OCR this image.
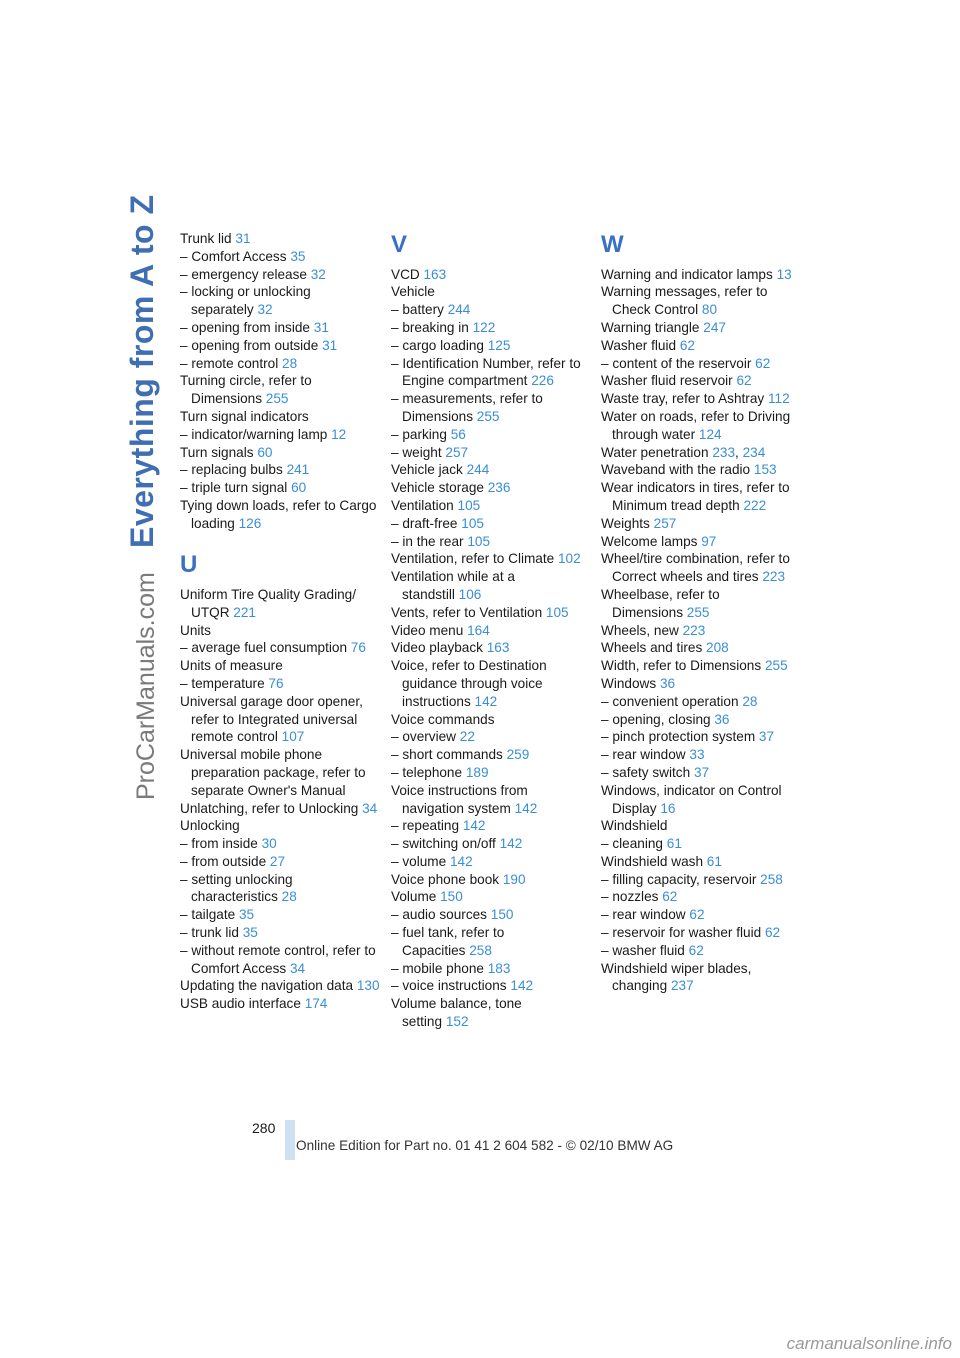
Everything from A to Z
ProCarManuals.com

Trunk lid 31

– Comfort Access 35

– emergency release 32

– locking or unlocking separately 32

– opening from inside 31

– opening from outside 31

– remote control 28

Turning circle, refer to Dimensions 255

Turn signal indicators

– indicator/warning lamp 12

Turn signals 60

– replacing bulbs 241

– triple turn signal 60

Tying down loads, refer to Cargo loading 126

U

Uniform Tire Quality Grading/ UTQR 221

Units

– average fuel consumption 76

Units of measure

– temperature 76

Universal garage door opener, refer to Integrated universal remote control 107

Universal mobile phone preparation package, refer to separate Owner's Manual

Unlatching, refer to Unlocking 34

Unlocking

– from inside 30

– from outside 27

– setting unlocking characteristics 28

– tailgate 35

– trunk lid 35

– without remote control, refer to Comfort Access 34

Updating the navigation data 130

USB audio interface 174

V

VCD 163

Vehicle

– battery 244

– breaking in 122

– cargo loading 125

– Identification Number, refer to Engine compartment 226

– measurements, refer to Dimensions 255

– parking 56

– weight 257

Vehicle jack 244

Vehicle storage 236

Ventilation 105

– draft-free 105

– in the rear 105

Ventilation, refer to Climate 102

Ventilation while at a standstill 106

Vents, refer to Ventilation 105

Video menu 164

Video playback 163

Voice, refer to Destination guidance through voice instructions 142

Voice commands

– overview 22

– short commands 259

– telephone 189

Voice instructions from navigation system 142

– repeating 142

– switching on/off 142

– volume 142

Voice phone book 190

Volume 150

– audio sources 150

– fuel tank, refer to Capacities 258

– mobile phone 183

– voice instructions 142

Volume balance, tone setting 152

W

Warning and indicator lamps 13

Warning messages, refer to Check Control 80

Warning triangle 247

Washer fluid 62

– content of the reservoir 62

Washer fluid reservoir 62

Waste tray, refer to Ashtray 112

Water on roads, refer to Driving through water 124

Water penetration 233, 234

Waveband with the radio 153

Wear indicators in tires, refer to Minimum tread depth 222

Weights 257

Welcome lamps 97

Wheel/tire combination, refer to Correct wheels and tires 223

Wheelbase, refer to Dimensions 255

Wheels, new 223

Wheels and tires 208

Width, refer to Dimensions 255

Windows 36

– convenient operation 28

– opening, closing 36

– pinch protection system 37

– rear window 33

– safety switch 37

Windows, indicator on Control Display 16

Windshield

– cleaning 61

Windshield wash 61

– filling capacity, reservoir 258

– nozzles 62

– rear window 62

– reservoir for washer fluid 62

– washer fluid 62

Windshield wiper blades, changing 237

280
Online Edition for Part no. 01 41 2 604 582 - © 02/10 BMW AG
carmanualsonline.info
